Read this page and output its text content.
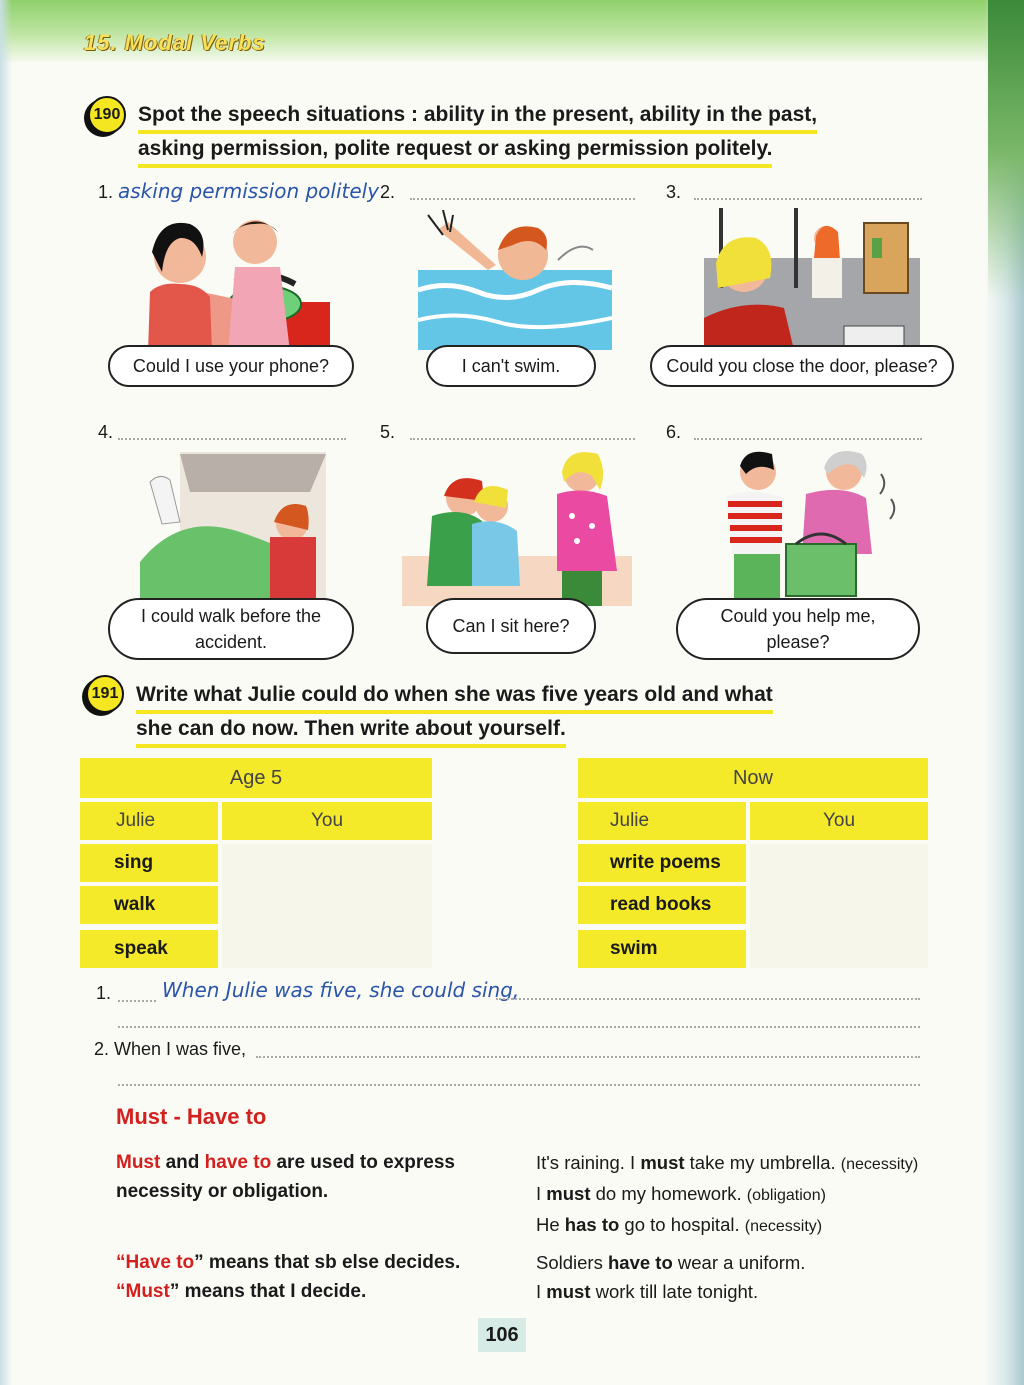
15. Modal Verbs
190 Spot the speech situations : ability in the present, ability in the past,
asking permission, polite request or asking permission politely.
1. asking permission politely 2.	3.
4.	5.	6.
Could I use your phone?	I can't swim.	Could you close the door, please?
I could walk before the
accident.
Can I sit here?	Could you help me,
please?
191 Write what Julie could do when she was five years old and what
she can do now. Then write about yourself.
Age 5
Julie	You
sing
walk
speak
Now
Julie	You
write poems
read books
swim
1.	When Julie was five, she could sing,
2. When I was five,
Must - Have to
Must and have to are used to express
necessity or obligation.
“Have to” means that sb else decides.
“Must” means that I decide.
It's raining. I must take my umbrella. (necessity)
I must do my homework. (obligation)
He has to go to hospital. (necessity)
Soldiers have to wear a uniform.
I must work till late tonight.
106
